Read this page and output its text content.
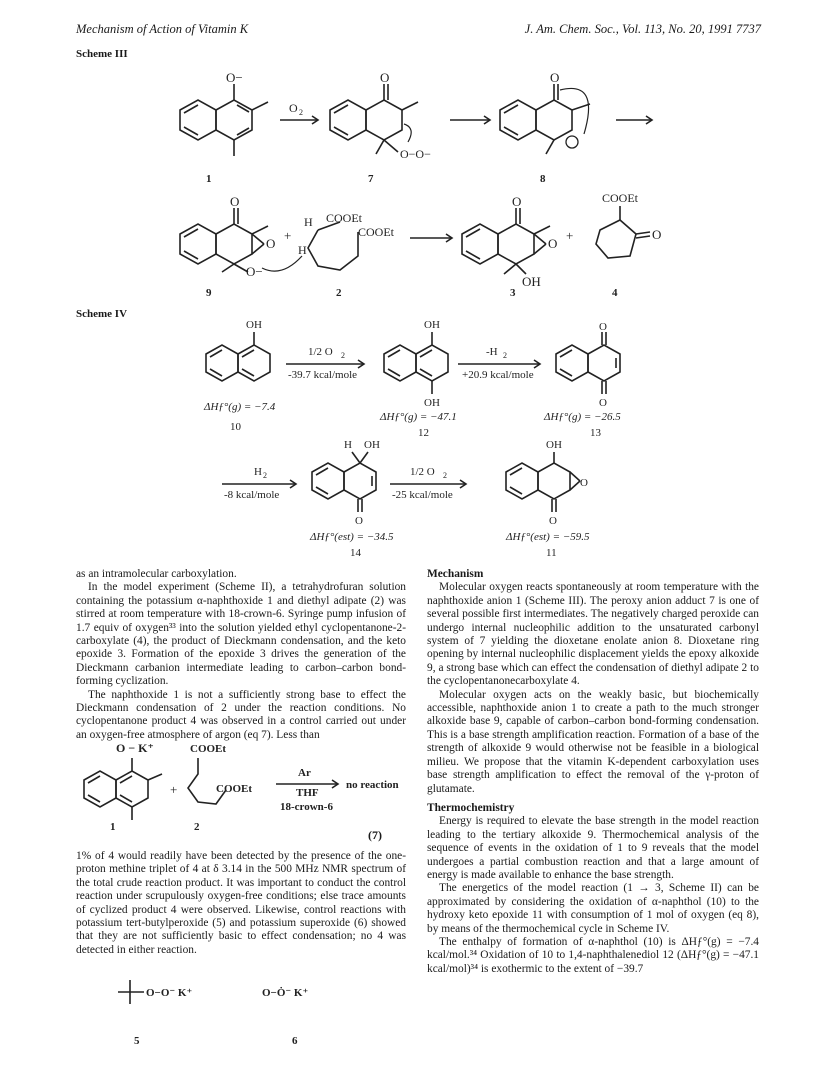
Mechanism of Action of Vitamin K	J. Am. Chem. Soc., Vol. 113, No. 20, 1991 7737
Scheme III
O−
1
O 2
O
O−O−
7
O
8
O
O
O−
+
9
H
H
COOEt
COOEt
2
O
O
OH
+
3
COOEt
O
4
Scheme IV
OH
ΔHƒ°(g) = −7.4
10
1/2 O 2
-39.7 kcal/mole
OH
OH
ΔHƒ°(g) = −47.1
12
-H 2
+20.9 kcal/mole
O
O
ΔHƒ°(g) = −26.5
13
H 2
-8 kcal/mole
H OH
O
ΔHƒ°(est) = −34.5
14
1/2 O 2
-25 kcal/mole
OH
O
O
ΔHƒ°(est) = −59.5
11

as an intramolecular carboxylation.

In the model experiment (Scheme II), a tetrahydrofuran solution containing the potassium α-naphthoxide 1 and diethyl adipate (2) was stirred at room temperature with 18-crown-6. Syringe pump infusion of 1.7 equiv of oxygen³³ into the solution yielded ethyl cyclopentanone-2-carboxylate (4), the product of Dieckmann condensation, and the keto epoxide 3. Formation of the epoxide 3 drives the generation of the Dieckmann carbanion intermediate leading to carbon–carbon bond-forming cyclization.

The naphthoxide 1 is not a sufficiently strong base to effect the Dieckmann condensation of 2 under the reaction conditions. No cyclopentanone product 4 was observed in a control carried out under an oxygen-free atmosphere of argon (eq 7). Less than

O − K⁺
+
COOEt
COOEt
Ar
THF
18-crown-6
no reaction
1	2
(7)

1% of 4 would readily have been detected by the presence of the one-proton methine triplet of 4 at δ 3.14 in the 500 MHz NMR spectrum of the total crude reaction product. It was important to conduct the control reaction under scrupulously oxygen-free conditions; else trace amounts of cyclized product 4 were observed. Likewise, control reactions with potassium tert-butylperoxide (5) and potassium superoxide (6) showed that they are not sufficiently basic to effect condensation; no 4 was detected in either reaction.

O−O⁻ K⁺	O−Ȯ⁻ K⁺
5	6

Mechanism

Molecular oxygen reacts spontaneously at room temperature with the naphthoxide anion 1 (Scheme III). The peroxy anion adduct 7 is one of several possible first intermediates. The negatively charged peroxide can undergo internal nucleophilic addition to the unsaturated carbonyl system of 7 yielding the dioxetane enolate anion 8. Dioxetane ring opening by internal nucleophilic displacement yields the epoxy alkoxide 9, a strong base which can effect the condensation of diethyl adipate 2 to the cyclopentanonecarboxylate 4.

Molecular oxygen acts on the weakly basic, but biochemically accessible, naphthoxide anion 1 to create a path to the much stronger alkoxide base 9, capable of carbon–carbon bond-forming condensation. This is a base strength amplification reaction. Formation of a base of the strength of alkoxide 9 would otherwise not be feasible in a biological milieu. We propose that the vitamin K-dependent carboxylation uses base strength amplification to effect the removal of the γ-proton of glutamate.

Thermochemistry

Energy is required to elevate the base strength in the model reaction leading to the tertiary alkoxide 9. Thermochemical analysis of the sequence of events in the oxidation of 1 to 9 reveals that the model undergoes a partial combustion reaction and that a large amount of energy is made available to enhance the base strength.

The energetics of the model reaction (1 → 3, Scheme II) can be approximated by considering the oxidation of α-naphthol (10) to the hydroxy keto epoxide 11 with consumption of 1 mol of oxygen (eq 8), by means of the thermochemical cycle in Scheme IV.

The enthalpy of formation of α-naphthol (10) is ΔHƒ°(g) = −7.4 kcal/mol.³⁴ Oxidation of 10 to 1,4-naphthalenediol 12 (ΔHƒ°(g) = −47.1 kcal/mol)³⁴ is exothermic to the extent of −39.7
